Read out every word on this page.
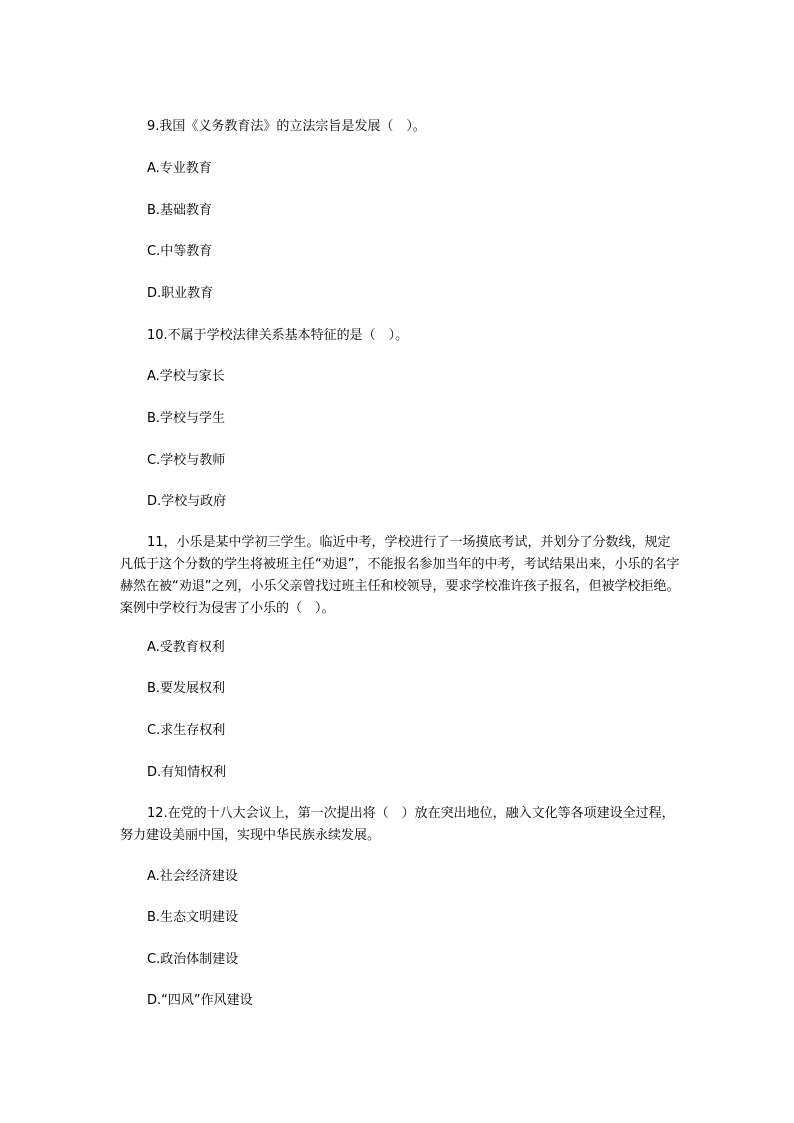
9.我国《义务教育法》的立法宗旨是发展（　）。
A.专业教育
B.基础教育
C.中等教育
D.职业教育
10.不属于学校法律关系基本特征的是（　）。
A.学校与家长
B.学校与学生
C.学校与教师
D.学校与政府
11，小乐是某中学初三学生。临近中考，学校进行了一场摸底考试，并划分了分数线，规定凡低于这个分数的学生将被班主任“劝退”，不能报名参加当年的中考，考试结果出来，小乐的名字赫然在被“劝退”之列，小乐父亲曾找过班主任和校领导，要求学校准许孩子报名，但被学校拒绝。案例中学校行为侵害了小乐的（　）。
A.受教育权利
B.要发展权利
C.求生存权利
D.有知情权利
12.在党的十八大会议上，第一次提出将（　）放在突出地位，融入文化等各项建设全过程，努力建设美丽中国，实现中华民族永续发展。
A.社会经济建设
B.生态文明建设
C.政治体制建设
D.“四风”作风建设
